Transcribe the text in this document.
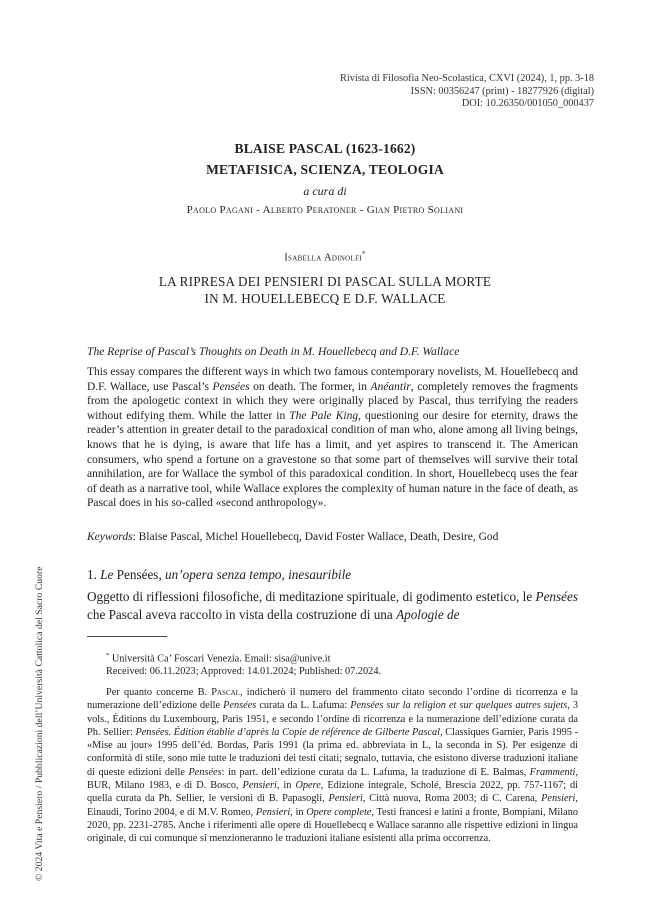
Rivista di Filosofia Neo-Scolastica, CXVI (2024), 1, pp. 3-18
ISSN: 00356247 (print) - 18277926 (digital)
DOI: 10.26350/001050_000437
BLAISE PASCAL (1623-1662)
METAFISICA, SCIENZA, TEOLOGIA
a cura di
Paolo Pagani - Alberto Peratoner - Gian Pietro Soliani
Isabella Adinolfi*
LA RIPRESA DEI PENSIERI DI PASCAL SULLA MORTE
IN M. HOUELLEBECQ E D.F. WALLACE
The Reprise of Pascal’s Thoughts on Death in M. Houellebecq and D.F. Wallace
This essay compares the different ways in which two famous contemporary novelists, M. Houellebecq and D.F. Wallace, use Pascal’s Pensées on death. The former, in Anéantir, completely removes the fragments from the apologetic context in which they were originally placed by Pascal, thus terrifying the readers without edifying them. While the latter in The Pale King, questioning our desire for eternity, draws the reader’s attention in greater detail to the paradoxical condition of man who, alone among all living beings, knows that he is dying, is aware that life has a limit, and yet aspires to transcend it. The American consumers, who spend a fortune on a gravestone so that some part of themselves will survive their total annihilation, are for Wallace the symbol of this paradoxical condition. In short, Houellebecq uses the fear of death as a narrative tool, while Wallace explores the complexity of human nature in the face of death, as Pascal does in his so-called «second anthropology».
Keywords: Blaise Pascal, Michel Houellebecq, David Foster Wallace, Death, Desire, God
1. Le Pensées, un’opera senza tempo, inesauribile
Oggetto di riflessioni filosofiche, di meditazione spirituale, di godimento estetico, le Pensées che Pascal aveva raccolto in vista della costruzione di una Apologie de
* Università Ca’ Foscari Venezia. Email: sisa@unive.it
Received: 06.11.2023; Approved: 14.01.2024; Published: 07.2024.
Per quanto concerne B. Pascal, indicherò il numero del frammento citato secondo l’ordine di ricorrenza e la numerazione dell’edizione delle Pensées curata da L. Lafuma: Pensées sur la religion et sur quelques autres sujets, 3 vols., Éditions du Luxembourg, Paris 1951, e secondo l’ordine di ricorrenza e la numerazione dell’edizione curata da Ph. Sellier: Pensées. Édition établie d’après la Copie de référence de Gilberte Pascal, Classiques Garnier, Paris 1995 - «Mise au jour» 1995 dell’éd. Bordas, Paris 1991 (la prima ed. abbreviata in L, la seconda in S). Per esigenze di conformità di stile, sono mie tutte le traduzioni dei testi citati; segnalo, tuttavia, che esistono diverse traduzioni italiane di queste edizioni delle Pensées: in part. dell’edizione curata da L. Lafuma, la traduzione di E. Balmas, Frammenti, BUR, Milano 1983, e di D. Bosco, Pensieri, in Opere, Edizione integrale, Scholé, Brescia 2022, pp. 757-1167; di quella curata da Ph. Sellier, le versioni di B. Papasogli, Pensieri, Città nuova, Roma 2003; di C. Carena, Pensieri, Einaudi, Torino 2004, e di M.V. Romeo, Pensieri, in Opere complete, Testi francesi e latini a fronte, Bompiani, Milano 2020, pp. 2231-2785. Anche i riferimenti alle opere di Houellebecq e Wallace saranno alle rispettive edizioni in lingua originale, di cui comunque si menzioneranno le traduzioni italiane esistenti alla prima occorrenza.
© 2024 Vita e Pensiero / Pubblicazioni dell’Università Cattolica del Sacro Cuore
